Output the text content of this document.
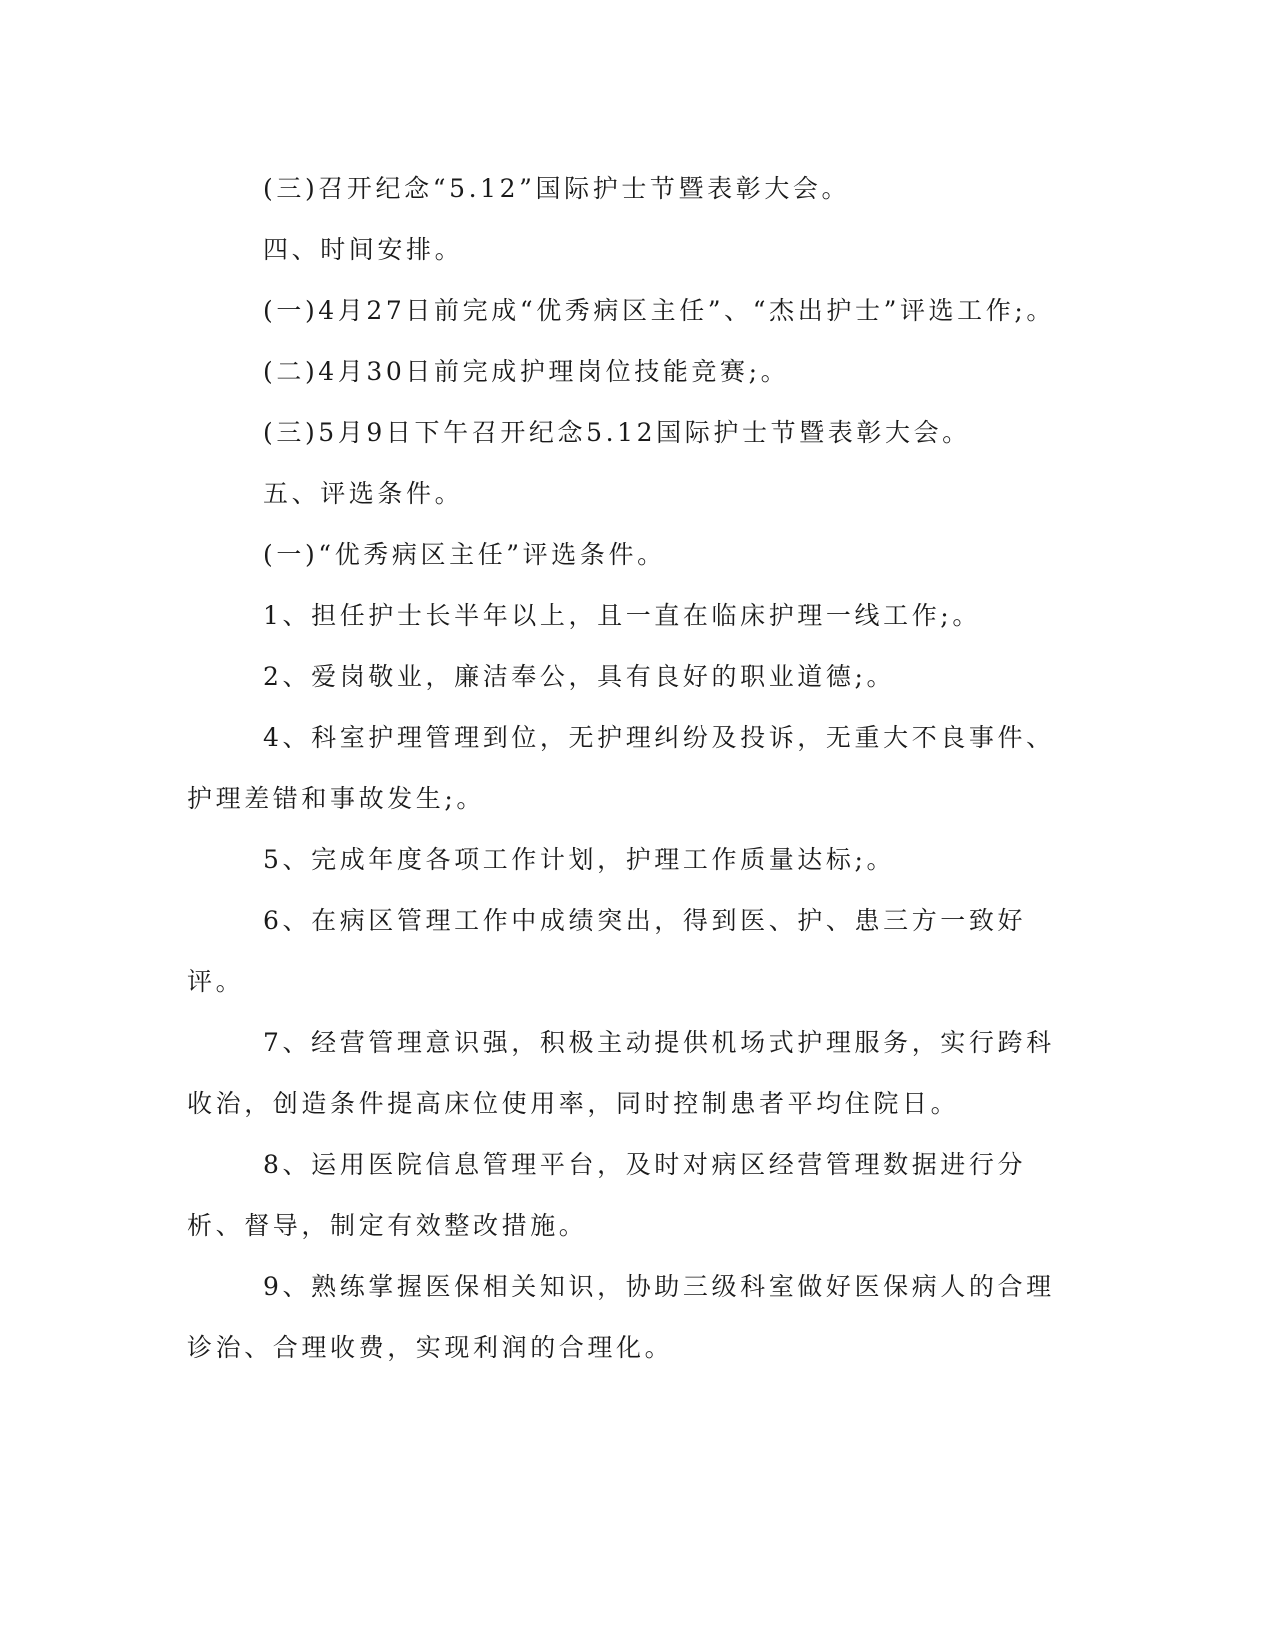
(三)召开纪念“5.12”国际护士节暨表彰大会。

四、时间安排。

(一)4月27日前完成“优秀病区主任”、“杰出护士”评选工作;。

(二)4月30日前完成护理岗位技能竞赛;。

(三)5月9日下午召开纪念5.12国际护士节暨表彰大会。

五、评选条件。

(一)“优秀病区主任”评选条件。

1、担任护士长半年以上，且一直在临床护理一线工作;。

2、爱岗敬业，廉洁奉公，具有良好的职业道德;。

4、科室护理管理到位，无护理纠纷及投诉，无重大不良事件、护理差错和事故发生;。

5、完成年度各项工作计划，护理工作质量达标;。

6、在病区管理工作中成绩突出，得到医、护、患三方一致好评。

7、经营管理意识强，积极主动提供机场式护理服务，实行跨科收治，创造条件提高床位使用率，同时控制患者平均住院日。

8、运用医院信息管理平台，及时对病区经营管理数据进行分析、督导，制定有效整改措施。

9、熟练掌握医保相关知识，协助三级科室做好医保病人的合理诊治、合理收费，实现利润的合理化。
